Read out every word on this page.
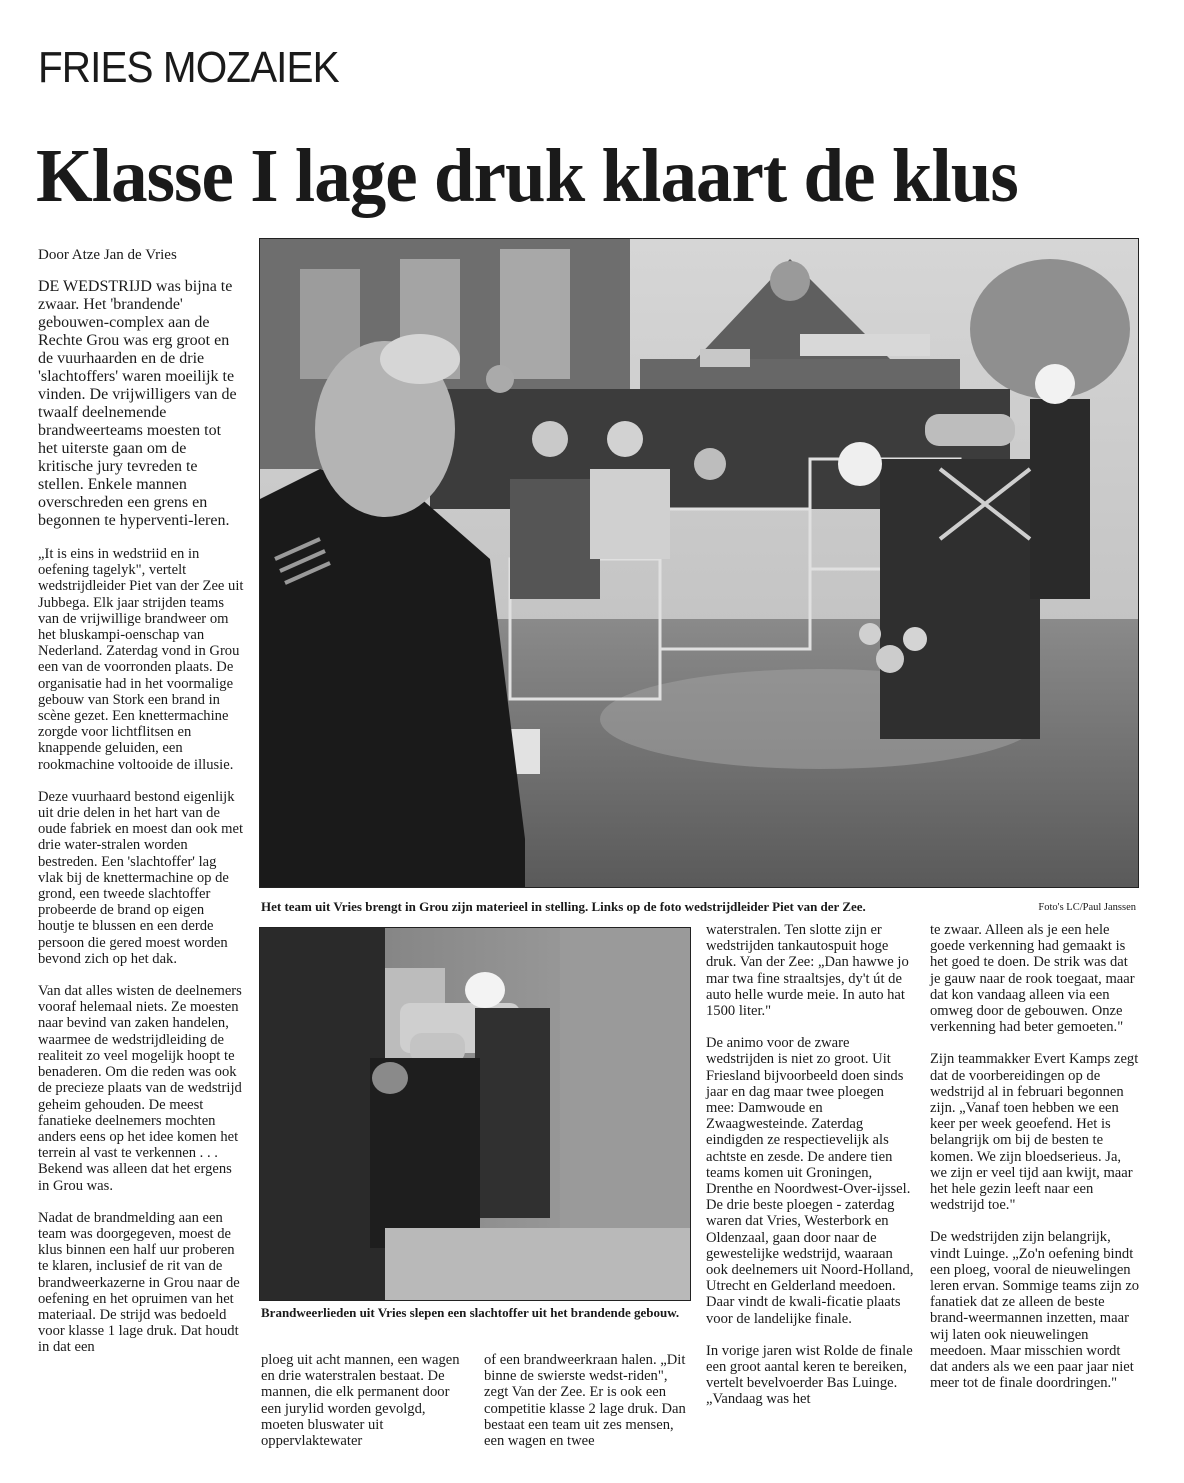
FRIES MOZAIEK
Klasse I lage druk klaart de klus
Door Atze Jan de Vries

DE WEDSTRIJD was bijna te zwaar. Het 'brandende' gebouwen-complex aan de Rechte Grou was erg groot en de vuurhaarden en de drie 'slachtoffers' waren moeilijk te vinden. De vrijwilligers van de twaalf deelnemende brandweerteams moesten tot het uiterste gaan om de kritische jury tevreden te stellen. Enkele mannen overschreden een grens en begonnen te hyperventi-leren.

„It is eins in wedstriid en in oefening tagelyk", vertelt wedstrijdleider Piet van der Zee uit Jubbega. Elk jaar strijden teams van de vrijwillige brandweer om het bluskampi-oenschap van Nederland. Zaterdag vond in Grou een van de voorronden plaats. De organisatie had in het voormalige gebouw van Stork een brand in scène gezet. Een knettermachine zorgde voor lichtflitsen en knappende geluiden, een rookmachine voltooide de illusie.

Deze vuurhaard bestond eigenlijk uit drie delen in het hart van de oude fabriek en moest dan ook met drie water-stralen worden bestreden. Een 'slachtoffer' lag vlak bij de knettermachine op de grond, een tweede slachtoffer probeerde de brand op eigen houtje te blussen en een derde persoon die gered moest worden bevond zich op het dak.

Van dat alles wisten de deelnemers vooraf helemaal niets. Ze moesten naar bevind van zaken handelen, waarmee de wedstrijdleiding de realiteit zo veel mogelijk hoopt te benaderen. Om die reden was ook de precieze plaats van de wedstrijd geheim gehouden. De meest fanatieke deelnemers mochten anders eens op het idee komen het terrein al vast te verkennen . . . Bekend was alleen dat het ergens in Grou was.

Nadat de brandmelding aan een team was doorgegeven, moest de klus binnen een half uur proberen te klaren, inclusief de rit van de brandweerkazerne in Grou naar de oefening en het opruimen van het materiaal. De strijd was bedoeld voor klasse 1 lage druk. Dat houdt in dat een

Het team uit Vries brengt in Grou zijn materieel in stelling. Links op de foto wedstrijdleider Piet van der Zee.	Foto's LC/Paul Janssen
Brandweerlieden uit Vries slepen een slachtoffer uit het brandende gebouw.

ploeg uit acht mannen, een wagen en drie waterstralen bestaat. De mannen, die elk permanent door een jurylid worden gevolgd, moeten bluswater uit oppervlaktewater

of een brandweerkraan halen. „Dit binne de swierste wedst-riden", zegt Van der Zee. Er is ook een competitie klasse 2 lage druk. Dan bestaat een team uit zes mensen, een wagen en twee

waterstralen. Ten slotte zijn er wedstrijden tankautospuit hoge druk. Van der Zee: „Dan hawwe jo mar twa fine straaltsjes, dy't út de auto helle wurde meie. In auto hat 1500 liter."

De animo voor de zware wedstrijden is niet zo groot. Uit Friesland bijvoorbeeld doen sinds jaar en dag maar twee ploegen mee: Damwoude en Zwaagwesteinde. Zaterdag eindigden ze respectievelijk als achtste en zesde. De andere tien teams komen uit Groningen, Drenthe en Noordwest-Over-ijssel. De drie beste ploegen - zaterdag waren dat Vries, Westerbork en Oldenzaal, gaan door naar de gewestelijke wedstrijd, waaraan ook deelnemers uit Noord-Holland, Utrecht en Gelderland meedoen. Daar vindt de kwali-ficatie plaats voor de landelijke finale.

In vorige jaren wist Rolde de finale een groot aantal keren te bereiken, vertelt bevelvoerder Bas Luinge. „Vandaag was het

te zwaar. Alleen als je een hele goede verkenning had gemaakt is het goed te doen. De strik was dat je gauw naar de rook toegaat, maar dat kon vandaag alleen via een omweg door de gebouwen. Onze verkenning had beter gemoeten."

Zijn teammakker Evert Kamps zegt dat de voorbereidingen op de wedstrijd al in februari begonnen zijn. „Vanaf toen hebben we een keer per week geoefend. Het is belangrijk om bij de besten te komen. We zijn bloedserieus. Ja, we zijn er veel tijd aan kwijt, maar het hele gezin leeft naar een wedstrijd toe."

De wedstrijden zijn belangrijk, vindt Luinge. „Zo'n oefening bindt een ploeg, vooral de nieuwelingen leren ervan. Sommige teams zijn zo fanatiek dat ze alleen de beste brand-weermannen inzetten, maar wij laten ook nieuwelingen meedoen. Maar misschien wordt dat anders als we een paar jaar niet meer tot de finale doordringen."
